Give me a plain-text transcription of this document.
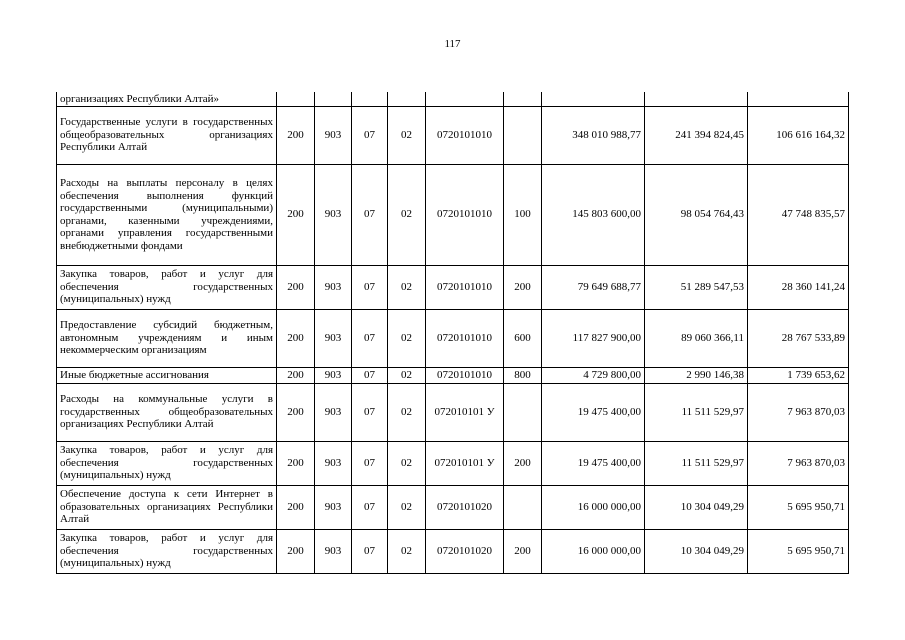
117
организациях Республики Алтай»									
Государственные услуги в государственных общеобразовательных организациях Республики Алтай	200	903	07	02	0720101010		348 010 988,77	241 394 824,45	106 616 164,32
Расходы на выплаты персоналу в целях обеспечения выполнения функций государственными (муниципальными) органами, казенными учреждениями, органами управления государственными внебюджетными фондами	200	903	07	02	0720101010	100	145 803 600,00	98 054 764,43	47 748 835,57
Закупка товаров, работ и услуг для обеспечения государственных (муниципальных) нужд	200	903	07	02	0720101010	200	79 649 688,77	51 289 547,53	28 360 141,24
Предоставление субсидий бюджетным, автономным учреждениям и иным некоммерческим организациям	200	903	07	02	0720101010	600	117 827 900,00	89 060 366,11	28 767 533,89
Иные бюджетные ассигнования	200	903	07	02	0720101010	800	4 729 800,00	2 990 146,38	1 739 653,62
Расходы на коммунальные услуги в государственных общеобразовательных организациях Республики Алтай	200	903	07	02	072010101 У		19 475 400,00	11 511 529,97	7 963 870,03
Закупка товаров, работ и услуг для обеспечения государственных (муниципальных) нужд	200	903	07	02	072010101 У	200	19 475 400,00	11 511 529,97	7 963 870,03
Обеспечение доступа к сети Интернет в образовательных организациях Республики Алтай	200	903	07	02	0720101020		16 000 000,00	10 304 049,29	5 695 950,71
Закупка товаров, работ и услуг для обеспечения государственных (муниципальных) нужд	200	903	07	02	0720101020	200	16 000 000,00	10 304 049,29	5 695 950,71
